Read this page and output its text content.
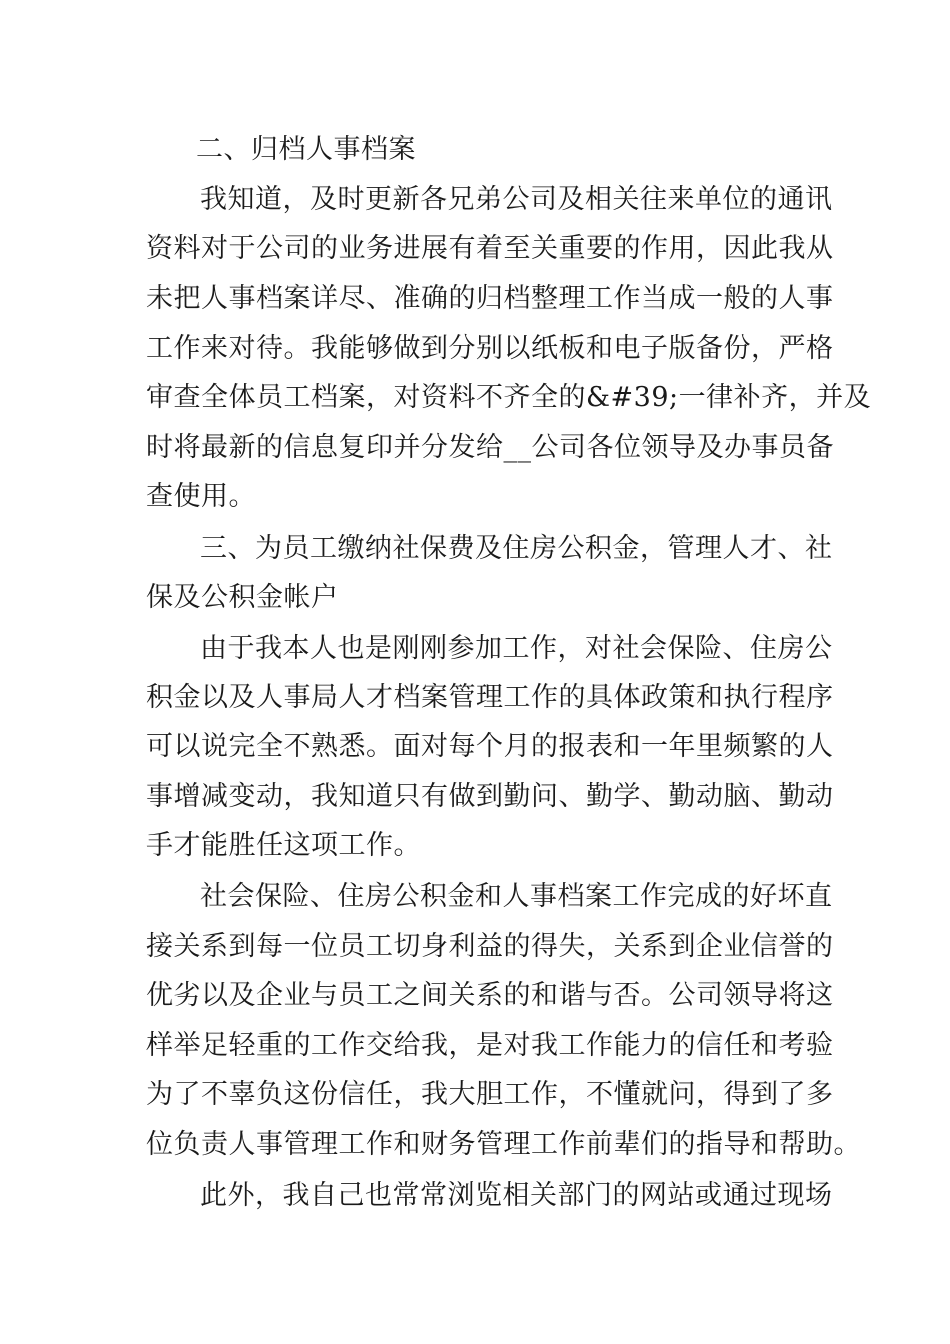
二、归档人事档案
我知道，及时更新各兄弟公司及相关往来单位的通讯
资料对于公司的业务进展有着至关重要的作用，因此我从
未把人事档案详尽、准确的归档整理工作当成一般的人事
工作来对待。我能够做到分别以纸板和电子版备份，严格
审查全体员工档案，对资料不齐全的&#39;一律补齐，并及
时将最新的信息复印并分发给__公司各位领导及办事员备
查使用。
三、为员工缴纳社保费及住房公积金，管理人才、社
保及公积金帐户
由于我本人也是刚刚参加工作，对社会保险、住房公
积金以及人事局人才档案管理工作的具体政策和执行程序
可以说完全不熟悉。面对每个月的报表和一年里频繁的人
事增减变动，我知道只有做到勤问、勤学、勤动脑、勤动
手才能胜任这项工作。
社会保险、住房公积金和人事档案工作完成的好坏直
接关系到每一位员工切身利益的得失，关系到企业信誉的
优劣以及企业与员工之间关系的和谐与否。公司领导将这
样举足轻重的工作交给我，是对我工作能力的信任和考验
为了不辜负这份信任，我大胆工作，不懂就问，得到了多
位负责人事管理工作和财务管理工作前辈们的指导和帮助。
此外，我自己也常常浏览相关部门的网站或通过现场
